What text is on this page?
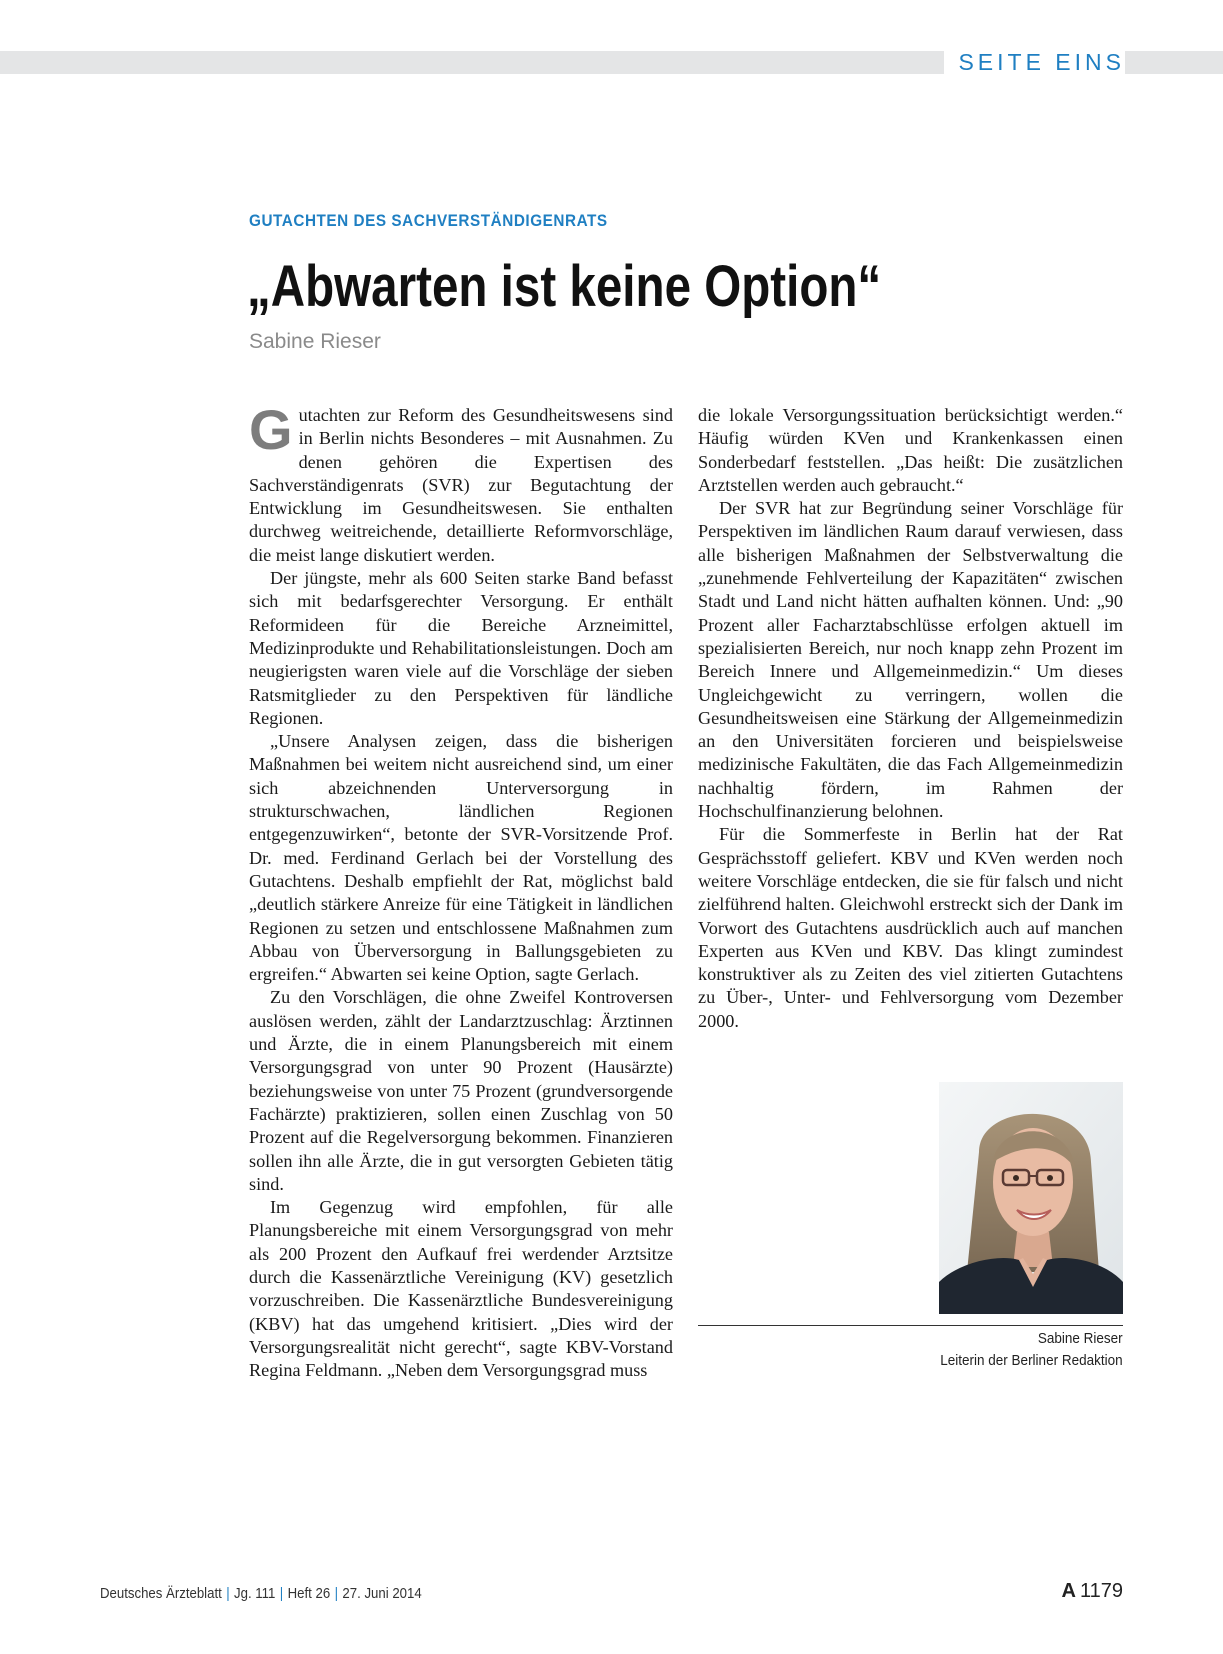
SEITE EINS
GUTACHTEN DES SACHVERSTÄNDIGENRATS
„Abwarten ist keine Option“
Sabine Rieser

Gutachten zur Reform des Gesundheitswesens sind in Berlin nichts Besonderes – mit Ausnahmen. Zu denen gehören die Expertisen des Sachverständigenrats (SVR) zur Begutachtung der Entwicklung im Gesundheitswesen. Sie enthalten durchweg weitreichende, detaillierte Reformvorschläge, die meist lange diskutiert werden.

Der jüngste, mehr als 600 Seiten starke Band befasst sich mit bedarfsgerechter Versorgung. Er enthält Reformideen für die Bereiche Arzneimittel, Medizinprodukte und Rehabilitationsleistungen. Doch am neugierigsten waren viele auf die Vorschläge der sieben Ratsmitglieder zu den Perspektiven für ländliche Regionen.

„Unsere Analysen zeigen, dass die bisherigen Maßnahmen bei weitem nicht ausreichend sind, um einer sich abzeichnenden Unterversorgung in strukturschwachen, ländlichen Regionen entgegenzuwirken“, betonte der SVR-Vorsitzende Prof. Dr. med. Ferdinand Gerlach bei der Vorstellung des Gutachtens. Deshalb empfiehlt der Rat, möglichst bald „deutlich stärkere Anreize für eine Tätigkeit in ländlichen Regionen zu setzen und entschlossene Maßnahmen zum Abbau von Überversorgung in Ballungsgebieten zu ergreifen.“ Abwarten sei keine Option, sagte Gerlach.

Zu den Vorschlägen, die ohne Zweifel Kontroversen auslösen werden, zählt der Landarztzuschlag: Ärztinnen und Ärzte, die in einem Planungsbereich mit einem Versorgungsgrad von unter 90 Prozent (Hausärzte) beziehungsweise von unter 75 Prozent (grundversorgende Fachärzte) praktizieren, sollen einen Zuschlag von 50 Prozent auf die Regelversorgung bekommen. Finanzieren sollen ihn alle Ärzte, die in gut versorgten Gebieten tätig sind.

Im Gegenzug wird empfohlen, für alle Planungsbereiche mit einem Versorgungsgrad von mehr als 200 Prozent den Aufkauf frei werdender Arztsitze durch die Kassenärztliche Vereinigung (KV) gesetzlich vorzuschreiben. Die Kassenärztliche Bundesvereinigung (KBV) hat das umgehend kritisiert. „Dies wird der Versorgungsrealität nicht gerecht“, sagte KBV-Vorstand Regina Feldmann. „Neben dem Versorgungsgrad muss

die lokale Versorgungssituation berücksichtigt werden.“ Häufig würden KVen und Krankenkassen einen Sonderbedarf feststellen. „Das heißt: Die zusätzlichen Arztstellen werden auch gebraucht.“

Der SVR hat zur Begründung seiner Vorschläge für Perspektiven im ländlichen Raum darauf verwiesen, dass alle bisherigen Maßnahmen der Selbstverwaltung die „zunehmende Fehlverteilung der Kapazitäten“ zwischen Stadt und Land nicht hätten aufhalten können. Und: „90 Prozent aller Facharztabschlüsse erfolgen aktuell im spezialisierten Bereich, nur noch knapp zehn Prozent im Bereich Innere und Allgemeinmedizin.“ Um dieses Ungleichgewicht zu verringern, wollen die Gesundheitsweisen eine Stärkung der Allgemeinmedizin an den Universitäten forcieren und beispielsweise medizinische Fakultäten, die das Fach Allgemeinmedizin nachhaltig fördern, im Rahmen der Hochschulfinanzierung belohnen.

Für die Sommerfeste in Berlin hat der Rat Gesprächsstoff geliefert. KBV und KVen werden noch weitere Vorschläge entdecken, die sie für falsch und nicht zielführend halten. Gleichwohl erstreckt sich der Dank im Vorwort des Gutachtens ausdrücklich auch auf manchen Experten aus KVen und KBV. Das klingt zumindest konstruktiver als zu Zeiten des viel zitierten Gutachtens zu Über-, Unter- und Fehlversorgung vom Dezember 2000.

Sabine Rieser
Leiterin der Berliner Redaktion
Deutsches Ärzteblatt | Jg. 111 | Heft 26 | 27. Juni 2014	A 1179
